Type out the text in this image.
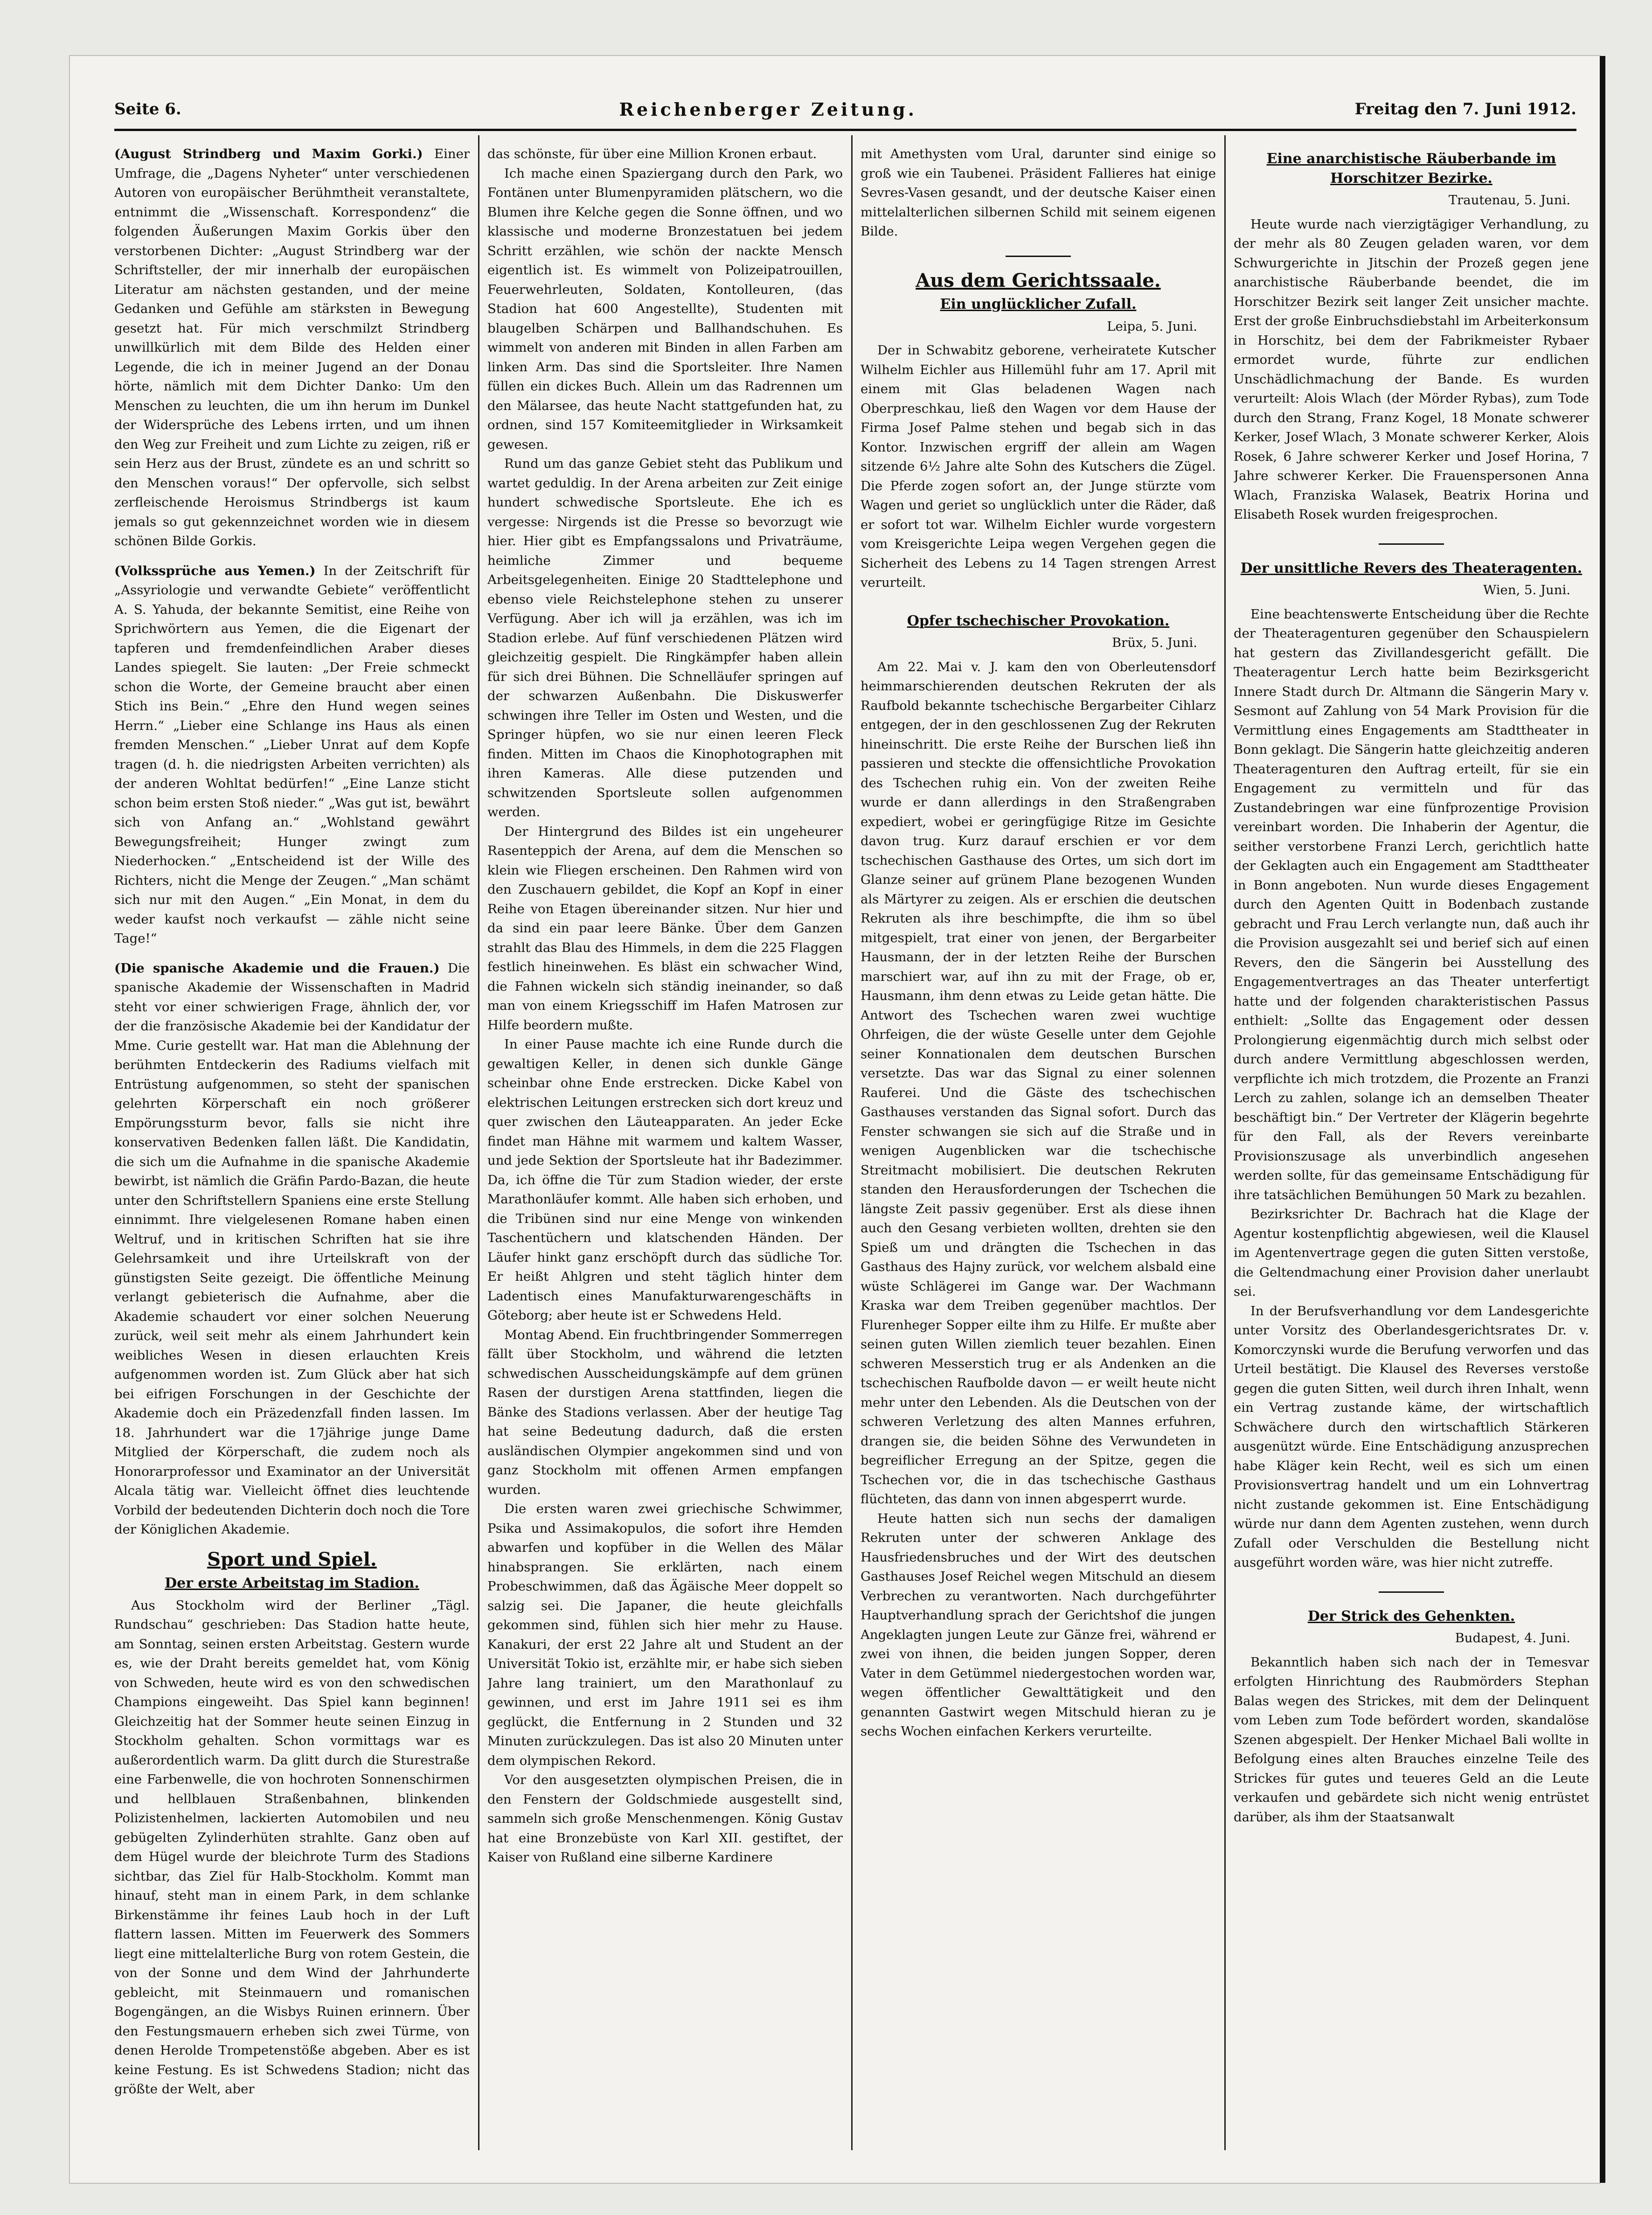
Seite 6.	Reichenberger Zeitung.	Freitag den 7. Juni 1912.
(August Strindberg und Maxim Gorki.) Einer Umfrage, die „Dagens Nyheter“ unter verschiedenen Autoren von europäischer Berühmtheit veranstaltete, entnimmt die „Wissenschaft. Korrespondenz“ die folgenden Äußerungen Maxim Gorkis über den verstorbenen Dichter: „August Strindberg war der Schriftsteller, der mir innerhalb der europäischen Literatur am nächsten gestanden, und der meine Gedanken und Gefühle am stärksten in Bewegung gesetzt hat. Für mich verschmilzt Strindberg unwillkürlich mit dem Bilde des Helden einer Legende, die ich in meiner Jugend an der Donau hörte, nämlich mit dem Dichter Danko: Um den Menschen zu leuchten, die um ihn herum im Dunkel der Widersprüche des Lebens irrten, und um ihnen den Weg zur Freiheit und zum Lichte zu zeigen, riß er sein Herz aus der Brust, zündete es an und schritt so den Menschen voraus!“ Der opfervolle, sich selbst zerfleischende Heroismus Strindbergs ist kaum jemals so gut gekennzeichnet worden wie in diesem schönen Bilde Gorkis.
(Volkssprüche aus Yemen.) In der Zeitschrift für „Assyriologie und verwandte Gebiete“ veröffentlicht A. S. Yahuda, der bekannte Semitist, eine Reihe von Sprichwörtern aus Yemen, die die Eigenart der tapferen und fremdenfeindlichen Araber dieses Landes spiegelt. Sie lauten: „Der Freie schmeckt schon die Worte, der Gemeine braucht aber einen Stich ins Bein.“ „Ehre den Hund wegen seines Herrn.“ „Lieber eine Schlange ins Haus als einen fremden Menschen.“ „Lieber Unrat auf dem Kopfe tragen (d. h. die niedrigsten Arbeiten verrichten) als der anderen Wohltat bedürfen!“ „Eine Lanze sticht schon beim ersten Stoß nieder.“ „Was gut ist, bewährt sich von Anfang an.“ „Wohlstand gewährt Bewegungsfreiheit; Hunger zwingt zum Niederhocken.“ „Entscheidend ist der Wille des Richters, nicht die Menge der Zeugen.“ „Man schämt sich nur mit den Augen.“ „Ein Monat, in dem du weder kaufst noch verkaufst — zähle nicht seine Tage!“
(Die spanische Akademie und die Frauen.) Die spanische Akademie der Wissenschaften in Madrid steht vor einer schwierigen Frage, ähnlich der, vor der die französische Akademie bei der Kandidatur der Mme. Curie gestellt war. Hat man die Ablehnung der berühmten Entdeckerin des Radiums vielfach mit Entrüstung aufgenommen, so steht der spanischen gelehrten Körperschaft ein noch größerer Empörungssturm bevor, falls sie nicht ihre konservativen Bedenken fallen läßt. Die Kandidatin, die sich um die Aufnahme in die spanische Akademie bewirbt, ist nämlich die Gräfin Pardo-Bazan, die heute unter den Schriftstellern Spaniens eine erste Stellung einnimmt. Ihre vielgelesenen Romane haben einen Weltruf, und in kritischen Schriften hat sie ihre Gelehrsamkeit und ihre Urteilskraft von der günstigsten Seite gezeigt. Die öffentliche Meinung verlangt gebieterisch die Aufnahme, aber die Akademie schaudert vor einer solchen Neuerung zurück, weil seit mehr als einem Jahrhundert kein weibliches Wesen in diesen erlauchten Kreis aufgenommen worden ist. Zum Glück aber hat sich bei eifrigen Forschungen in der Geschichte der Akademie doch ein Präzedenzfall finden lassen. Im 18. Jahrhundert war die 17jährige junge Dame Mitglied der Körperschaft, die zudem noch als Honorarprofessor und Examinator an der Universität Alcala tätig war. Vielleicht öffnet dies leuchtende Vorbild der bedeutenden Dichterin doch noch die Tore der Königlichen Akademie.
Sport und Spiel.
Der erste Arbeitstag im Stadion.

Aus Stockholm wird der Berliner „Tägl. Rundschau“ geschrieben: Das Stadion hatte heute, am Sonntag, seinen ersten Arbeitstag. Gestern wurde es, wie der Draht bereits gemeldet hat, vom König von Schweden, heute wird es von den schwedischen Champions eingeweiht. Das Spiel kann beginnen! Gleichzeitig hat der Sommer heute seinen Einzug in Stockholm gehalten. Schon vormittags war es außerordentlich warm. Da glitt durch die Sturestraße eine Farbenwelle, die von hochroten Sonnenschirmen und hellblauen Straßenbahnen, blinkenden Polizistenhelmen, lackierten Automobilen und neu gebügelten Zylinderhüten strahlte. Ganz oben auf dem Hügel wurde der bleichrote Turm des Stadions sichtbar, das Ziel für Halb-Stockholm. Kommt man hinauf, steht man in einem Park, in dem schlanke Birkenstämme ihr feines Laub hoch in der Luft flattern lassen. Mitten im Feuerwerk des Sommers liegt eine mittelalterliche Burg von rotem Gestein, die von der Sonne und dem Wind der Jahrhunderte gebleicht, mit Steinmauern und romanischen Bogengängen, an die Wisbys Ruinen erinnern. Über den Festungsmauern erheben sich zwei Türme, von denen Herolde Trompetenstöße abgeben. Aber es ist keine Festung. Es ist Schwedens Stadion; nicht das größte der Welt, aber

das schönste, für über eine Million Kronen erbaut.

Ich mache einen Spaziergang durch den Park, wo Fontänen unter Blumenpyramiden plätschern, wo die Blumen ihre Kelche gegen die Sonne öffnen, und wo klassische und moderne Bronzestatuen bei jedem Schritt erzählen, wie schön der nackte Mensch eigentlich ist. Es wimmelt von Polizeipatrouillen, Feuerwehrleuten, Soldaten, Kontolleuren, (das Stadion hat 600 Angestellte), Studenten mit blaugelben Schärpen und Ballhandschuhen. Es wimmelt von anderen mit Binden in allen Farben am linken Arm. Das sind die Sportsleiter. Ihre Namen füllen ein dickes Buch. Allein um das Radrennen um den Mälarsee, das heute Nacht stattgefunden hat, zu ordnen, sind 157 Komiteemitglieder in Wirksamkeit gewesen.

Rund um das ganze Gebiet steht das Publikum und wartet geduldig. In der Arena arbeiten zur Zeit einige hundert schwedische Sportsleute. Ehe ich es vergesse: Nirgends ist die Presse so bevorzugt wie hier. Hier gibt es Empfangssalons und Privaträume, heimliche Zimmer und bequeme Arbeitsgelegenheiten. Einige 20 Stadttelephone und ebenso viele Reichstelephone stehen zu unserer Verfügung. Aber ich will ja erzählen, was ich im Stadion erlebe. Auf fünf verschiedenen Plätzen wird gleichzeitig gespielt. Die Ringkämpfer haben allein für sich drei Bühnen. Die Schnelläufer springen auf der schwarzen Außenbahn. Die Diskuswerfer schwingen ihre Teller im Osten und Westen, und die Springer hüpfen, wo sie nur einen leeren Fleck finden. Mitten im Chaos die Kinophotographen mit ihren Kameras. Alle diese putzenden und schwitzenden Sportsleute sollen aufgenommen werden.

Der Hintergrund des Bildes ist ein ungeheurer Rasenteppich der Arena, auf dem die Menschen so klein wie Fliegen erscheinen. Den Rahmen wird von den Zuschauern gebildet, die Kopf an Kopf in einer Reihe von Etagen übereinander sitzen. Nur hier und da sind ein paar leere Bänke. Über dem Ganzen strahlt das Blau des Himmels, in dem die 225 Flaggen festlich hineinwehen. Es bläst ein schwacher Wind, die Fahnen wickeln sich ständig ineinander, so daß man von einem Kriegsschiff im Hafen Matrosen zur Hilfe beordern mußte.

In einer Pause machte ich eine Runde durch die gewaltigen Keller, in denen sich dunkle Gänge scheinbar ohne Ende erstrecken. Dicke Kabel von elektrischen Leitungen erstrecken sich dort kreuz und quer zwischen den Läuteapparaten. An jeder Ecke findet man Hähne mit warmem und kaltem Wasser, und jede Sektion der Sportsleute hat ihr Badezimmer. Da, ich öffne die Tür zum Stadion wieder, der erste Marathonläufer kommt. Alle haben sich erhoben, und die Tribünen sind nur eine Menge von winkenden Taschentüchern und klatschenden Händen. Der Läufer hinkt ganz erschöpft durch das südliche Tor. Er heißt Ahlgren und steht täglich hinter dem Ladentisch eines Manufakturwarengeschäfts in Göteborg; aber heute ist er Schwedens Held.

Montag Abend. Ein fruchtbringender Sommerregen fällt über Stockholm, und während die letzten schwedischen Ausscheidungskämpfe auf dem grünen Rasen der durstigen Arena stattfinden, liegen die Bänke des Stadions verlassen. Aber der heutige Tag hat seine Bedeutung dadurch, daß die ersten ausländischen Olympier angekommen sind und von ganz Stockholm mit offenen Armen empfangen wurden.

Die ersten waren zwei griechische Schwimmer, Psika und Assimakopulos, die sofort ihre Hemden abwarfen und kopfüber in die Wellen des Mälar hinabsprangen. Sie erklärten, nach einem Probeschwimmen, daß das Ägäische Meer doppelt so salzig sei. Die Japaner, die heute gleichfalls gekommen sind, fühlen sich hier mehr zu Hause. Kanakuri, der erst 22 Jahre alt und Student an der Universität Tokio ist, erzählte mir, er habe sich sieben Jahre lang trainiert, um den Marathonlauf zu gewinnen, und erst im Jahre 1911 sei es ihm geglückt, die Entfernung in 2 Stunden und 32 Minuten zurückzulegen. Das ist also 20 Minuten unter dem olympischen Rekord.

Vor den ausgesetzten olympischen Preisen, die in den Fenstern der Goldschmiede ausgestellt sind, sammeln sich große Menschenmengen. König Gustav hat eine Bronzebüste von Karl XII. gestiftet, der Kaiser von Rußland eine silberne Kardinere

mit Amethysten vom Ural, darunter sind einige so groß wie ein Taubenei. Präsident Fallieres hat einige Sevres-Vasen gesandt, und der deutsche Kaiser einen mittelalterlichen silbernen Schild mit seinem eigenen Bilde.

Aus dem Gerichtssaale.
Ein unglücklicher Zufall.
Leipa, 5. Juni.

Der in Schwabitz geborene, verheiratete Kutscher Wilhelm Eichler aus Hillemühl fuhr am 17. April mit einem mit Glas beladenen Wagen nach Oberpreschkau, ließ den Wagen vor dem Hause der Firma Josef Palme stehen und begab sich in das Kontor. Inzwischen ergriff der allein am Wagen sitzende 6½ Jahre alte Sohn des Kutschers die Zügel. Die Pferde zogen sofort an, der Junge stürzte vom Wagen und geriet so unglücklich unter die Räder, daß er sofort tot war. Wilhelm Eichler wurde vorgestern vom Kreisgerichte Leipa wegen Vergehen gegen die Sicherheit des Lebens zu 14 Tagen strengen Arrest verurteilt.

Opfer tschechischer Provokation.
Brüx, 5. Juni.

Am 22. Mai v. J. kam den von Oberleutensdorf heimmarschierenden deutschen Rekruten der als Raufbold bekannte tschechische Bergarbeiter Cihlarz entgegen, der in den geschlossenen Zug der Rekruten hineinschritt. Die erste Reihe der Burschen ließ ihn passieren und steckte die offensichtliche Provokation des Tschechen ruhig ein. Von der zweiten Reihe wurde er dann allerdings in den Straßengraben expediert, wobei er geringfügige Ritze im Gesichte davon trug. Kurz darauf erschien er vor dem tschechischen Gasthause des Ortes, um sich dort im Glanze seiner auf grünem Plane bezogenen Wunden als Märtyrer zu zeigen. Als er erschien die deutschen Rekruten als ihre beschimpfte, die ihm so übel mitgespielt, trat einer von jenen, der Bergarbeiter Hausmann, der in der letzten Reihe der Burschen marschiert war, auf ihn zu mit der Frage, ob er, Hausmann, ihm denn etwas zu Leide getan hätte. Die Antwort des Tschechen waren zwei wuchtige Ohrfeigen, die der wüste Geselle unter dem Gejohle seiner Konnationalen dem deutschen Burschen versetzte. Das war das Signal zu einer solennen Rauferei. Und die Gäste des tschechischen Gasthauses verstanden das Signal sofort. Durch das Fenster schwangen sie sich auf die Straße und in wenigen Augenblicken war die tschechische Streitmacht mobilisiert. Die deutschen Rekruten standen den Herausforderungen der Tschechen die längste Zeit passiv gegenüber. Erst als diese ihnen auch den Gesang verbieten wollten, drehten sie den Spieß um und drängten die Tschechen in das Gasthaus des Hajny zurück, vor welchem alsbald eine wüste Schlägerei im Gange war. Der Wachmann Kraska war dem Treiben gegenüber machtlos. Der Flurenheger Sopper eilte ihm zu Hilfe. Er mußte aber seinen guten Willen ziemlich teuer bezahlen. Einen schweren Messerstich trug er als Andenken an die tschechischen Raufbolde davon — er weilt heute nicht mehr unter den Lebenden. Als die Deutschen von der schweren Verletzung des alten Mannes erfuhren, drangen sie, die beiden Söhne des Verwundeten in begreiflicher Erregung an der Spitze, gegen die Tschechen vor, die in das tschechische Gasthaus flüchteten, das dann von innen abgesperrt wurde.

Heute hatten sich nun sechs der damaligen Rekruten unter der schweren Anklage des Hausfriedensbruches und der Wirt des deutschen Gasthauses Josef Reichel wegen Mitschuld an diesem Verbrechen zu verantworten. Nach durchgeführter Hauptverhandlung sprach der Gerichtshof die jungen Angeklagten jungen Leute zur Gänze frei, während er zwei von ihnen, die beiden jungen Sopper, deren Vater in dem Getümmel niedergestochen worden war, wegen öffentlicher Gewalttätigkeit und den genannten Gastwirt wegen Mitschuld hieran zu je sechs Wochen einfachen Kerkers verurteilte.

Eine anarchistische Räuberbande im Horschitzer Bezirke.
Trautenau, 5. Juni.

Heute wurde nach vierzigtägiger Verhandlung, zu der mehr als 80 Zeugen geladen waren, vor dem Schwurgerichte in Jitschin der Prozeß gegen jene anarchistische Räuberbande beendet, die im Horschitzer Bezirk seit langer Zeit unsicher machte. Erst der große Einbruchsdiebstahl im Arbeiterkonsum in Horschitz, bei dem der Fabrikmeister Rybaer ermordet wurde, führte zur endlichen Unschädlichmachung der Bande. Es wurden verurteilt: Alois Wlach (der Mörder Rybas), zum Tode durch den Strang, Franz Kogel, 18 Monate schwerer Kerker, Josef Wlach, 3 Monate schwerer Kerker, Alois Rosek, 6 Jahre schwerer Kerker und Josef Horina, 7 Jahre schwerer Kerker. Die Frauenspersonen Anna Wlach, Franziska Walasek, Beatrix Horina und Elisabeth Rosek wurden freigesprochen.

Der unsittliche Revers des Theateragenten.
Wien, 5. Juni.

Eine beachtenswerte Entscheidung über die Rechte der Theateragenturen gegenüber den Schauspielern hat gestern das Zivillandesgericht gefällt. Die Theateragentur Lerch hatte beim Bezirksgericht Innere Stadt durch Dr. Altmann die Sängerin Mary v. Sesmont auf Zahlung von 54 Mark Provision für die Vermittlung eines Engagements am Stadttheater in Bonn geklagt. Die Sängerin hatte gleichzeitig anderen Theateragenturen den Auftrag erteilt, für sie ein Engagement zu vermitteln und für das Zustandebringen war eine fünfprozentige Provision vereinbart worden. Die Inhaberin der Agentur, die seither verstorbene Franzi Lerch, gerichtlich hatte der Geklagten auch ein Engagement am Stadttheater in Bonn angeboten. Nun wurde dieses Engagement durch den Agenten Quitt in Bodenbach zustande gebracht und Frau Lerch verlangte nun, daß auch ihr die Provision ausgezahlt sei und berief sich auf einen Revers, den die Sängerin bei Ausstellung des Engagementvertrages an das Theater unterfertigt hatte und der folgenden charakteristischen Passus enthielt: „Sollte das Engagement oder dessen Prolongierung eigenmächtig durch mich selbst oder durch andere Vermittlung abgeschlossen werden, verpflichte ich mich trotzdem, die Prozente an Franzi Lerch zu zahlen, solange ich an demselben Theater beschäftigt bin.“ Der Vertreter der Klägerin begehrte für den Fall, als der Revers vereinbarte Provisionszusage als unverbindlich angesehen werden sollte, für das gemeinsame Entschädigung für ihre tatsächlichen Bemühungen 50 Mark zu bezahlen.

Bezirksrichter Dr. Bachrach hat die Klage der Agentur kostenpflichtig abgewiesen, weil die Klausel im Agentenvertrage gegen die guten Sitten verstoße, die Geltendmachung einer Provision daher unerlaubt sei.

In der Berufsverhandlung vor dem Landesgerichte unter Vorsitz des Oberlandesgerichtsrates Dr. v. Komorczynski wurde die Berufung verworfen und das Urteil bestätigt. Die Klausel des Reverses verstoße gegen die guten Sitten, weil durch ihren Inhalt, wenn ein Vertrag zustande käme, der wirtschaftlich Schwächere durch den wirtschaftlich Stärkeren ausgenützt würde. Eine Entschädigung anzusprechen habe Kläger kein Recht, weil es sich um einen Provisionsvertrag handelt und um ein Lohnvertrag nicht zustande gekommen ist. Eine Entschädigung würde nur dann dem Agenten zustehen, wenn durch Zufall oder Verschulden die Bestellung nicht ausgeführt worden wäre, was hier nicht zutreffe.

Der Strick des Gehenkten.
Budapest, 4. Juni.

Bekanntlich haben sich nach der in Temesvar erfolgten Hinrichtung des Raubmörders Stephan Balas wegen des Strickes, mit dem der Delinquent vom Leben zum Tode befördert worden, skandalöse Szenen abgespielt. Der Henker Michael Bali wollte in Befolgung eines alten Brauches einzelne Teile des Strickes für gutes und teueres Geld an die Leute verkaufen und gebärdete sich nicht wenig entrüstet darüber, als ihm der Staatsanwalt
